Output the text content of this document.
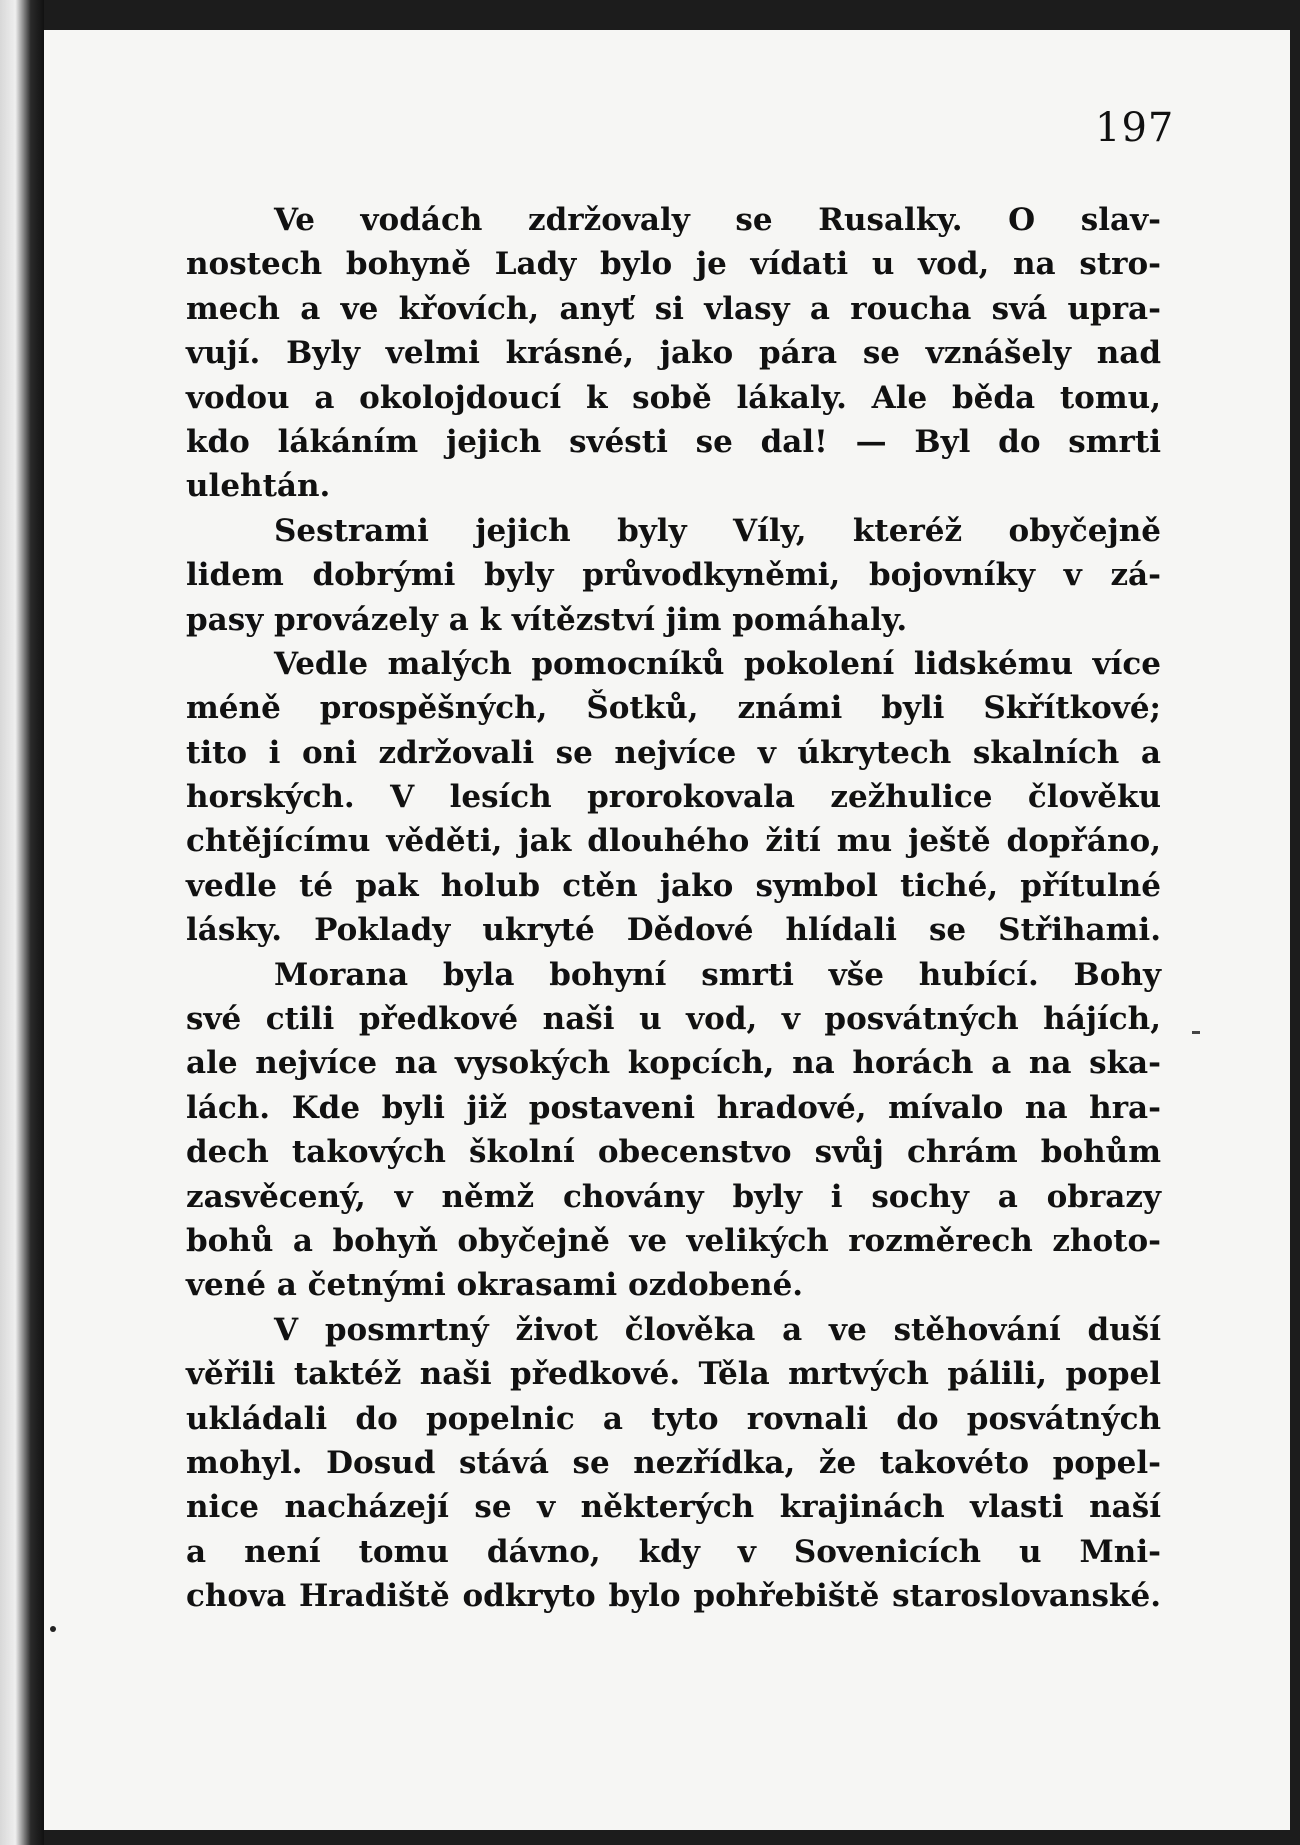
197
Ve vodách zdržovaly se Rusalky. O slav-
nostech bohyně Lady bylo je vídati u vod, na stro-
mech a ve křovích, anyť si vlasy a roucha svá upra-
vují. Byly velmi krásné, jako pára se vznášely nad
vodou a okolojdoucí k sobě lákaly. Ale běda tomu,
kdo lákáním jejich svésti se dal! — Byl do smrti
ulehtán.
Sestrami jejich byly Víly, kteréž obyčejně
lidem dobrými byly průvodkyněmi, bojovníky v zá-
pasy provázely a k vítězství jim pomáhaly.
Vedle malých pomocníků pokolení lidskému více
méně prospěšných, Šotků, známi byli Skřítkové;
tito i oni zdržovali se nejvíce v úkrytech skalních a
horských. V lesích prorokovala zežhulice člověku
chtějícímu věděti, jak dlouhého žití mu ještě dopřáno,
vedle té pak holub ctěn jako symbol tiché, přítulné
lásky. Poklady ukryté Dědové hlídali se Střihami.
Morana byla bohyní smrti vše hubící. Bohy
své ctili předkové naši u vod, v posvátných hájích,
ale nejvíce na vysokých kopcích, na horách a na ska-
lách. Kde byli již postaveni hradové, mívalo na hra-
dech takových školní obecenstvo svůj chrám bohům
zasvěcený, v němž chovány byly i sochy a obrazy
bohů a bohyň obyčejně ve velikých rozměrech zhoto-
vené a četnými okrasami ozdobené.
V posmrtný život člověka a ve stěhování duší
věřili taktéž naši předkové. Těla mrtvých pálili, popel
ukládali do popelnic a tyto rovnali do posvátných
mohyl. Dosud stává se nezřídka, že takovéto popel-
nice nacházejí se v některých krajinách vlasti naší
a není tomu dávno, kdy v Sovenicích u Mni-
chova Hradiště odkryto bylo pohřebiště staroslovanské.
